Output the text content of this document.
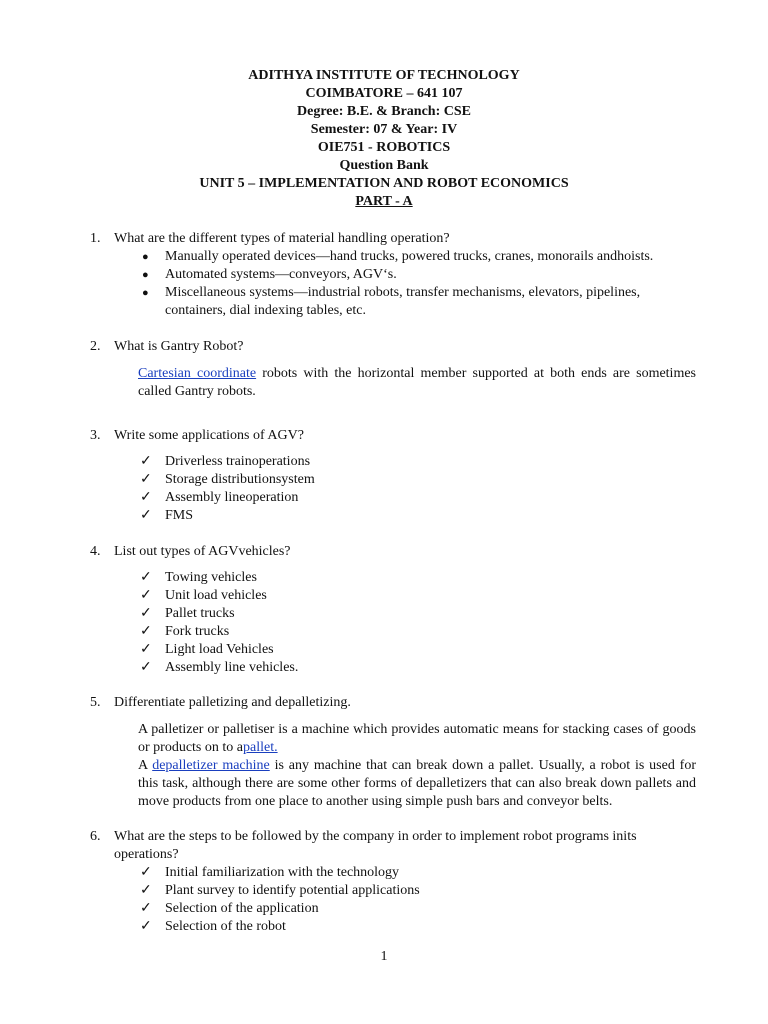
ADITHYA INSTITUTE OF TECHNOLOGY
COIMBATORE – 641 107
Degree: B.E. & Branch: CSE
Semester: 07 & Year: IV
OIE751 - ROBOTICS
Question Bank
UNIT 5 – IMPLEMENTATION AND ROBOT ECONOMICS
PART - A
1. What are the different types of material handling operation?
● Manually operated devices—hand trucks, powered trucks, cranes, monorails andhoists.
● Automated systems—conveyors, AGV‘s.
● Miscellaneous systems—industrial robots, transfer mechanisms, elevators, pipelines, containers, dial indexing tables, etc.
2. What is Gantry Robot?
Cartesian coordinate robots with the horizontal member supported at both ends are sometimes called Gantry robots.
3. Write some applications of AGV?
✓ Driverless trainoperations
✓ Storage distributionsystem
✓ Assembly lineoperation
✓ FMS
4. List out types of AGVvehicles?
✓ Towing vehicles
✓ Unit load vehicles
✓ Pallet trucks
✓ Fork trucks
✓ Light load Vehicles
✓ Assembly line vehicles.
5. Differentiate palletizing and depalletizing.
A palletizer or palletiser is a machine which provides automatic means for stacking cases of goods or products on to apallet.
A depalletizer machine is any machine that can break down a pallet. Usually, a robot is used for this task, although there are some other forms of depalletizers that can also break down pallets and move products from one place to another using simple push bars and conveyor belts.
6. What are the steps to be followed by the company in order to implement robot programs inits operations?
✓ Initial familiarization with the technology
✓ Plant survey to identify potential applications
✓ Selection of the application
✓ Selection of the robot
1
